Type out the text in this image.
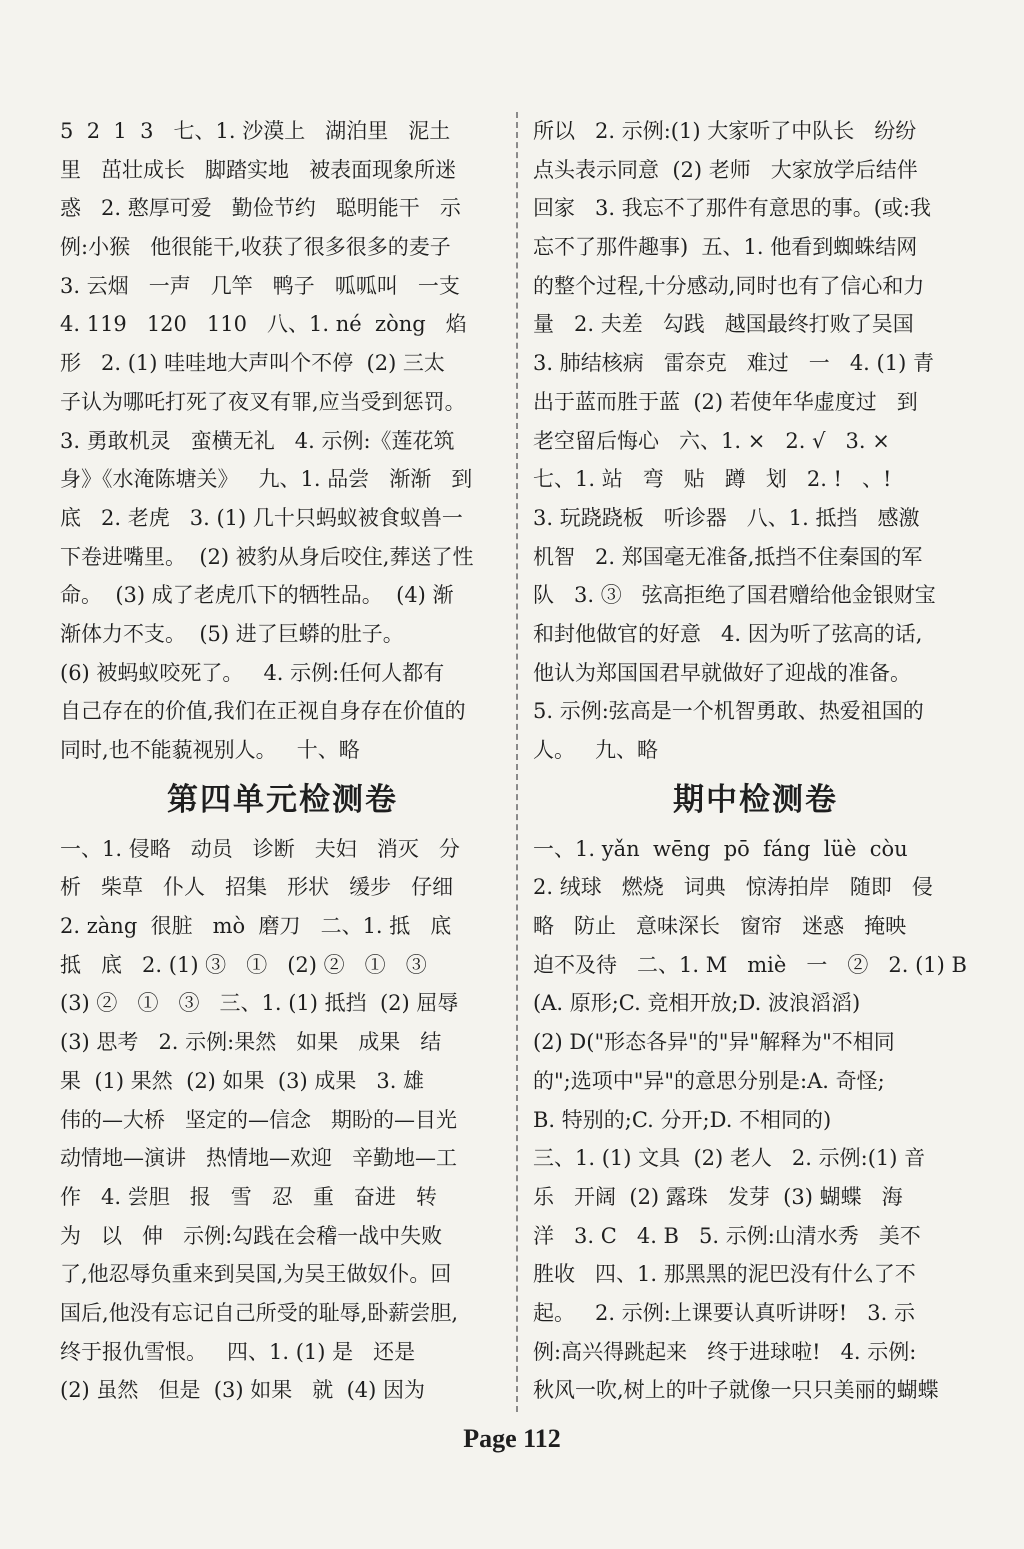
5  2  1  3   七、1. 沙漠上   湖泊里   泥土
里   茁壮成长   脚踏实地   被表面现象所迷
惑   2. 憨厚可爱   勤俭节约   聪明能干   示
例:小猴   他很能干,收获了很多很多的麦子
3. 云烟   一声   几竿   鸭子   呱呱叫   一支
4. 119   120   110   八、1. né  zòng   焰
形   2. (1) 哇哇地大声叫个不停  (2) 三太
子认为哪吒打死了夜叉有罪,应当受到惩罚。
3. 勇敢机灵   蛮横无礼   4. 示例:《莲花筑
身》《水淹陈塘关》   九、1. 品尝   渐渐   到
底   2. 老虎   3. (1) 几十只蚂蚁被食蚁兽一
下卷进嘴里。  (2) 被豹从身后咬住,葬送了性
命。  (3) 成了老虎爪下的牺牲品。  (4) 渐
渐体力不支。  (5) 进了巨蟒的肚子。
(6) 被蚂蚁咬死了。   4. 示例:任何人都有
自己存在的价值,我们在正视自身存在价值的
同时,也不能藐视别人。   十、略
第四单元检测卷
一、1. 侵略   动员   诊断   夫妇   消灭   分
析   柴草   仆人   招集   形状   缓步   仔细
2. zàng  很脏   mò  磨刀   二、1. 抵   底
抵   底   2. (1) ③   ①   (2) ②   ①   ③
(3) ②   ①   ③   三、1. (1) 抵挡  (2) 屈辱
(3) 思考   2. 示例:果然   如果   成果   结
果  (1) 果然  (2) 如果  (3) 成果   3. 雄
伟的—大桥   坚定的—信念   期盼的—目光
动情地—演讲   热情地—欢迎   辛勤地—工
作   4. 尝胆   报   雪   忍   重   奋进   转
为   以   伸   示例:勾践在会稽一战中失败
了,他忍辱负重来到吴国,为吴王做奴仆。回
国后,他没有忘记自己所受的耻辱,卧薪尝胆,
终于报仇雪恨。   四、1. (1) 是   还是
(2) 虽然   但是  (3) 如果   就  (4) 因为
所以   2. 示例:(1) 大家听了中队长   纷纷
点头表示同意  (2) 老师   大家放学后结伴
回家   3. 我忘不了那件有意思的事。(或:我
忘不了那件趣事)  五、1. 他看到蜘蛛结网
的整个过程,十分感动,同时也有了信心和力
量   2. 夫差   勾践   越国最终打败了吴国
3. 肺结核病   雷奈克   难过   一   4. (1) 青
出于蓝而胜于蓝  (2) 若使年华虚度过   到
老空留后悔心   六、1. ×   2. √   3. ×
七、1. 站   弯   贴   蹲   划   2. !   、!
3. 玩跷跷板   听诊器   八、1. 抵挡   感激
机智   2. 郑国毫无准备,抵挡不住秦国的军
队   3. ③   弦高拒绝了国君赠给他金银财宝
和封他做官的好意   4. 因为听了弦高的话,
他认为郑国国君早就做好了迎战的准备。
5. 示例:弦高是一个机智勇敢、热爱祖国的
人。   九、略
期中检测卷
一、1. yǎn  wēng  pō  fáng  lüè  còu
2. 绒球   燃烧   词典   惊涛拍岸   随即   侵
略   防止   意味深长   窗帘   迷惑   掩映
迫不及待   二、1. M   miè   一   ②   2. (1) B
(A. 原形;C. 竞相开放;D. 波浪滔滔)
(2) D("形态各异"的"异"解释为"不相同
的";选项中"异"的意思分别是:A. 奇怪;
B. 特别的;C. 分开;D. 不相同的)
三、1. (1) 文具  (2) 老人   2. 示例:(1) 音
乐   开阔  (2) 露珠   发芽  (3) 蝴蝶   海
洋   3. C   4. B   5. 示例:山清水秀   美不
胜收   四、1. 那黑黑的泥巴没有什么了不
起。   2. 示例:上课要认真听讲呀!   3. 示
例:高兴得跳起来   终于进球啦!   4. 示例:
秋风一吹,树上的叶子就像一只只美丽的蝴蝶
Page 112
